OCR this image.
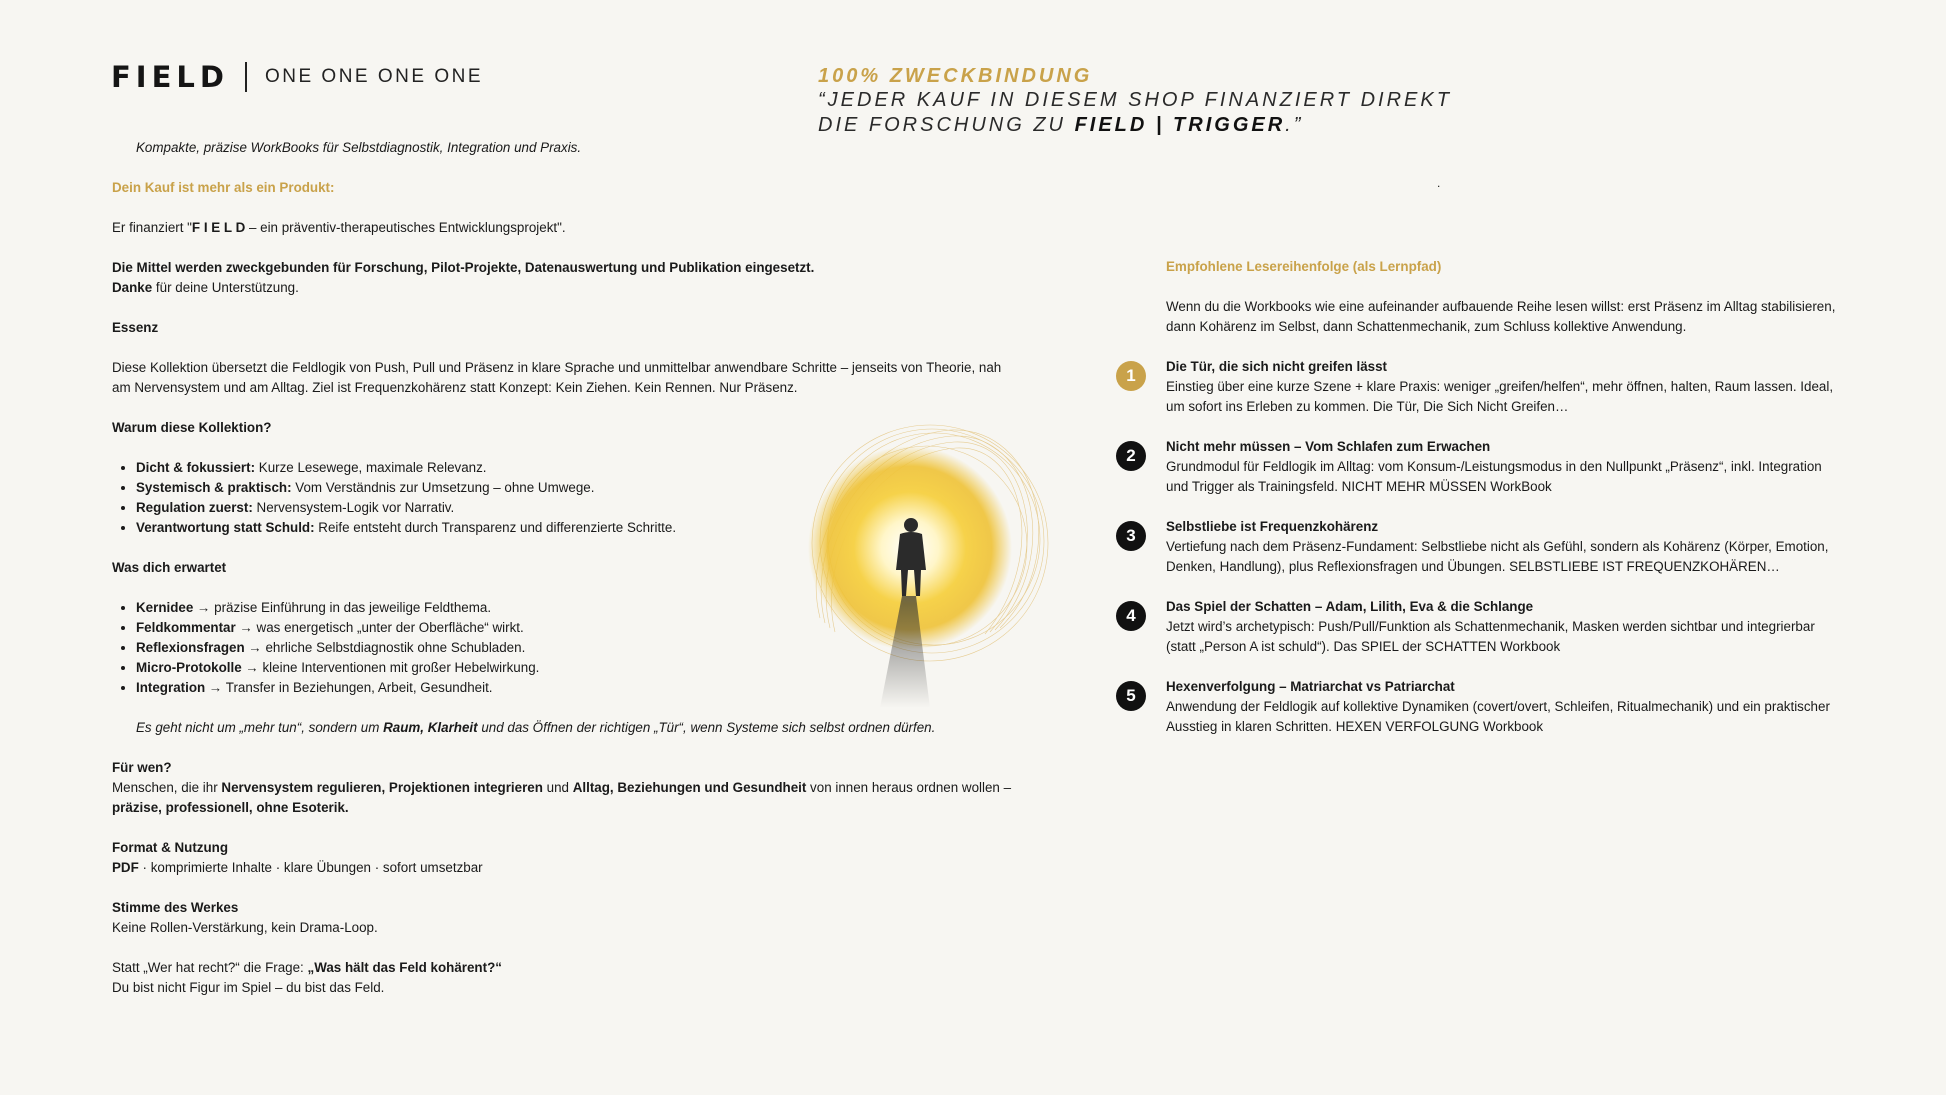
FIELD ONE ONE ONE ONE	100% ZWECKBINDUNG
“JEDER KAUF IN DIESEM SHOP FINANZIERT DIREKT
DIE FORSCHUNG ZU FIELD | TRIGGER.”
.

Kompakte, präzise WorkBooks für Selbstdiagnostik, Integration und Praxis.

Dein Kauf ist mehr als ein Produkt:

Er finanziert "F I E L D – ein präventiv-therapeutisches Entwicklungsprojekt".

Die Mittel werden zweckgebunden für Forschung, Pilot-Projekte, Datenauswertung und Publikation eingesetzt.

Danke für deine Unterstützung.

Essenz

Diese Kollektion übersetzt die Feldlogik von Push, Pull und Präsenz in klare Sprache und unmittelbar anwendbare Schritte – jenseits von Theorie, nah am Nervensystem und am Alltag. Ziel ist Frequenzkohärenz statt Konzept: Kein Ziehen. Kein Rennen. Nur Präsenz.

Warum diese Kollektion?

• Dicht & fokussiert: Kurze Lesewege, maximale Relevanz.
• Systemisch & praktisch: Vom Verständnis zur Umsetzung – ohne Umwege.
• Regulation zuerst: Nervensystem-Logik vor Narrativ.
• Verantwortung statt Schuld: Reife entsteht durch Transparenz und differenzierte Schritte.

Was dich erwartet

• Kernidee → präzise Einführung in das jeweilige Feldthema.
• Feldkommentar → was energetisch „unter der Oberfläche“ wirkt.
• Reflexionsfragen → ehrliche Selbstdiagnostik ohne Schubladen.
• Micro-Protokolle → kleine Interventionen mit großer Hebelwirkung.
• Integration → Transfer in Beziehungen, Arbeit, Gesundheit.

Es geht nicht um „mehr tun“, sondern um Raum, Klarheit und das Öffnen der richtigen „Tür“, wenn Systeme sich selbst ordnen dürfen.

Für wen?

Menschen, die ihr Nervensystem regulieren, Projektionen integrieren und Alltag, Beziehungen und Gesundheit von innen heraus ordnen wollen – präzise, professionell, ohne Esoterik.

Format & Nutzung

PDF · komprimierte Inhalte · klare Übungen · sofort umsetzbar

Stimme des Werkes

Keine Rollen-Verstärkung, kein Drama-Loop.

Statt „Wer hat recht?“ die Frage: „Was hält das Feld kohärent?“

Du bist nicht Figur im Spiel – du bist das Feld.

Empfohlene Lesereihenfolge (als Lernpfad)

Wenn du die Workbooks wie eine aufeinander aufbauende Reihe lesen willst: erst Präsenz im Alltag stabilisieren, dann Kohärenz im Selbst, dann Schattenmechanik, zum Schluss kollektive Anwendung.

1	Die Tür, die sich nicht greifen lässt

Einstieg über eine kurze Szene + klare Praxis: weniger „greifen/helfen“, mehr öffnen, halten, Raum lassen. Ideal, um sofort ins Erleben zu kommen. Die Tür, Die Sich Nicht Greifen…

2	Nicht mehr müssen – Vom Schlafen zum Erwachen

Grundmodul für Feldlogik im Alltag: vom Konsum-/Leistungsmodus in den Nullpunkt „Präsenz“, inkl. Integration und Trigger als Trainingsfeld. NICHT MEHR MÜSSEN WorkBook

3	Selbstliebe ist Frequenzkohärenz

Vertiefung nach dem Präsenz-Fundament: Selbstliebe nicht als Gefühl, sondern als Kohärenz (Körper, Emotion, Denken, Handlung), plus Reflexionsfragen und Übungen. SELBSTLIEBE IST FREQUENZKOHÄREN…

4	Das Spiel der Schatten – Adam, Lilith, Eva & die Schlange

Jetzt wird’s archetypisch: Push/Pull/Funktion als Schattenmechanik, Masken werden sichtbar und integrierbar (statt „Person A ist schuld“). Das SPIEL der SCHATTEN Workbook

5	Hexenverfolgung – Matriarchat vs Patriarchat

Anwendung der Feldlogik auf kollektive Dynamiken (covert/overt, Schleifen, Ritualmechanik) und ein praktischer Ausstieg in klaren Schritten. HEXEN VERFOLGUNG Workbook
